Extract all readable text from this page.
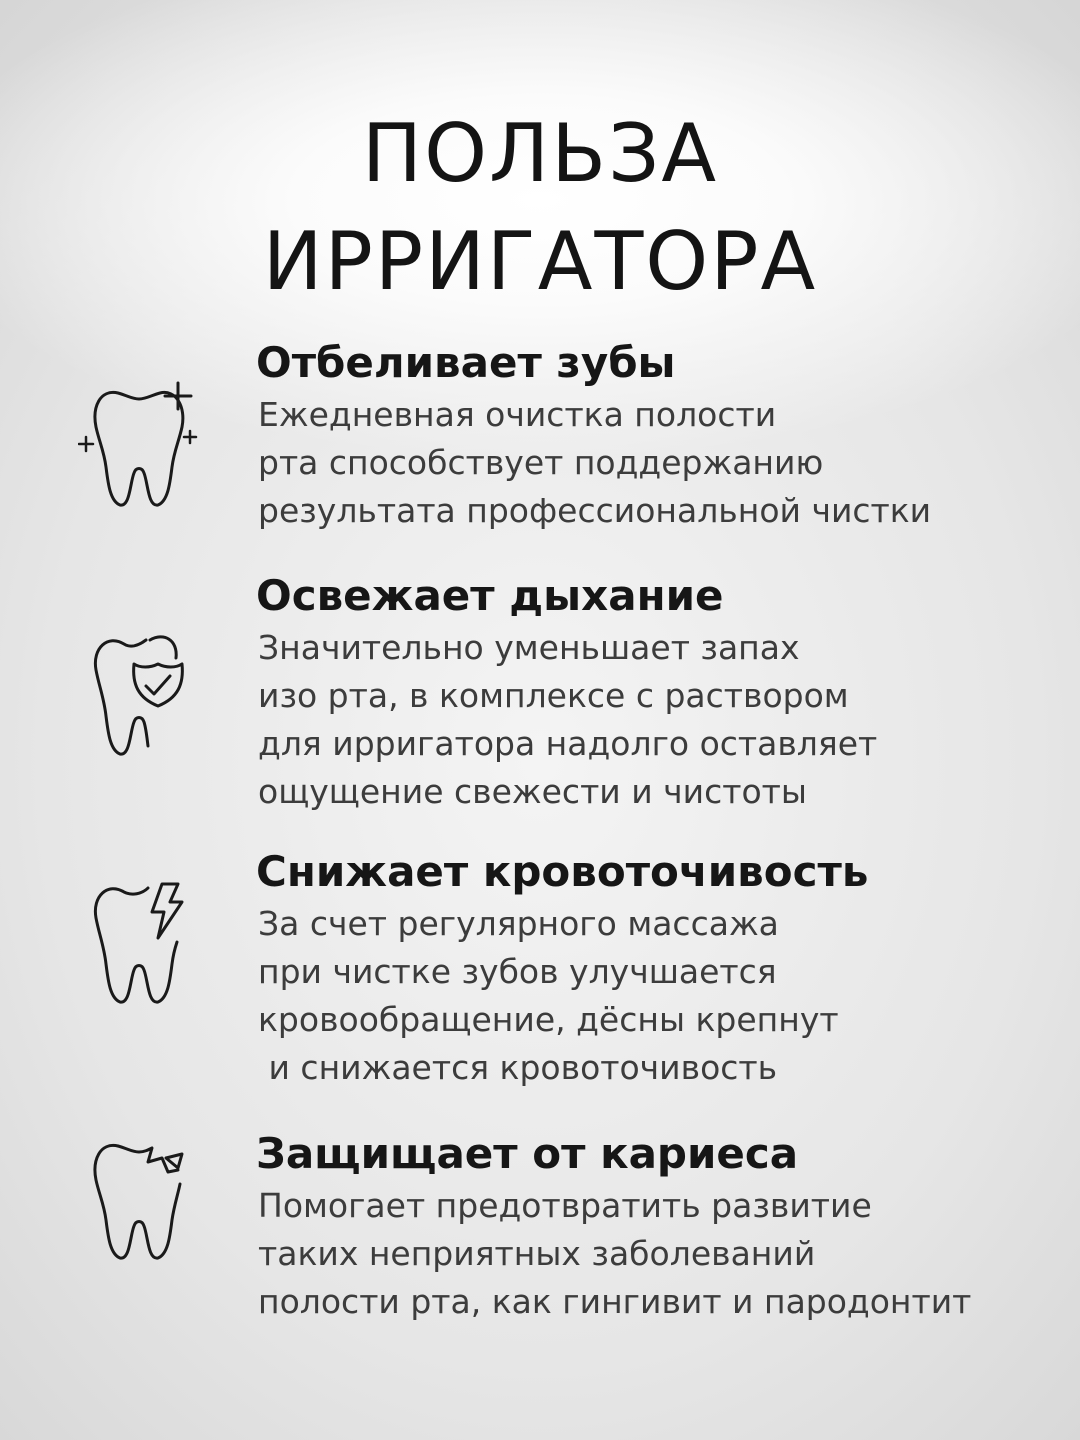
ПОЛЬЗА
ИРРИГАТОРА
Отбеливает зубы
Ежедневная очистка полости
рта способствует поддержанию
результата профессиональной чистки
Освежает дыхание
Значительно уменьшает запах
изо рта, в комплексе с раствором
для ирригатора надолго оставляет
ощущение свежести и чистоты
Снижает кровоточивость
За счет регулярного массажа
при чистке зубов улучшается
кровообращение, дёсны крепнут
и снижается кровоточивость
Защищает от кариеса
Помогает предотвратить развитие
таких неприятных заболеваний
полости рта, как гингивит и пародонтит
